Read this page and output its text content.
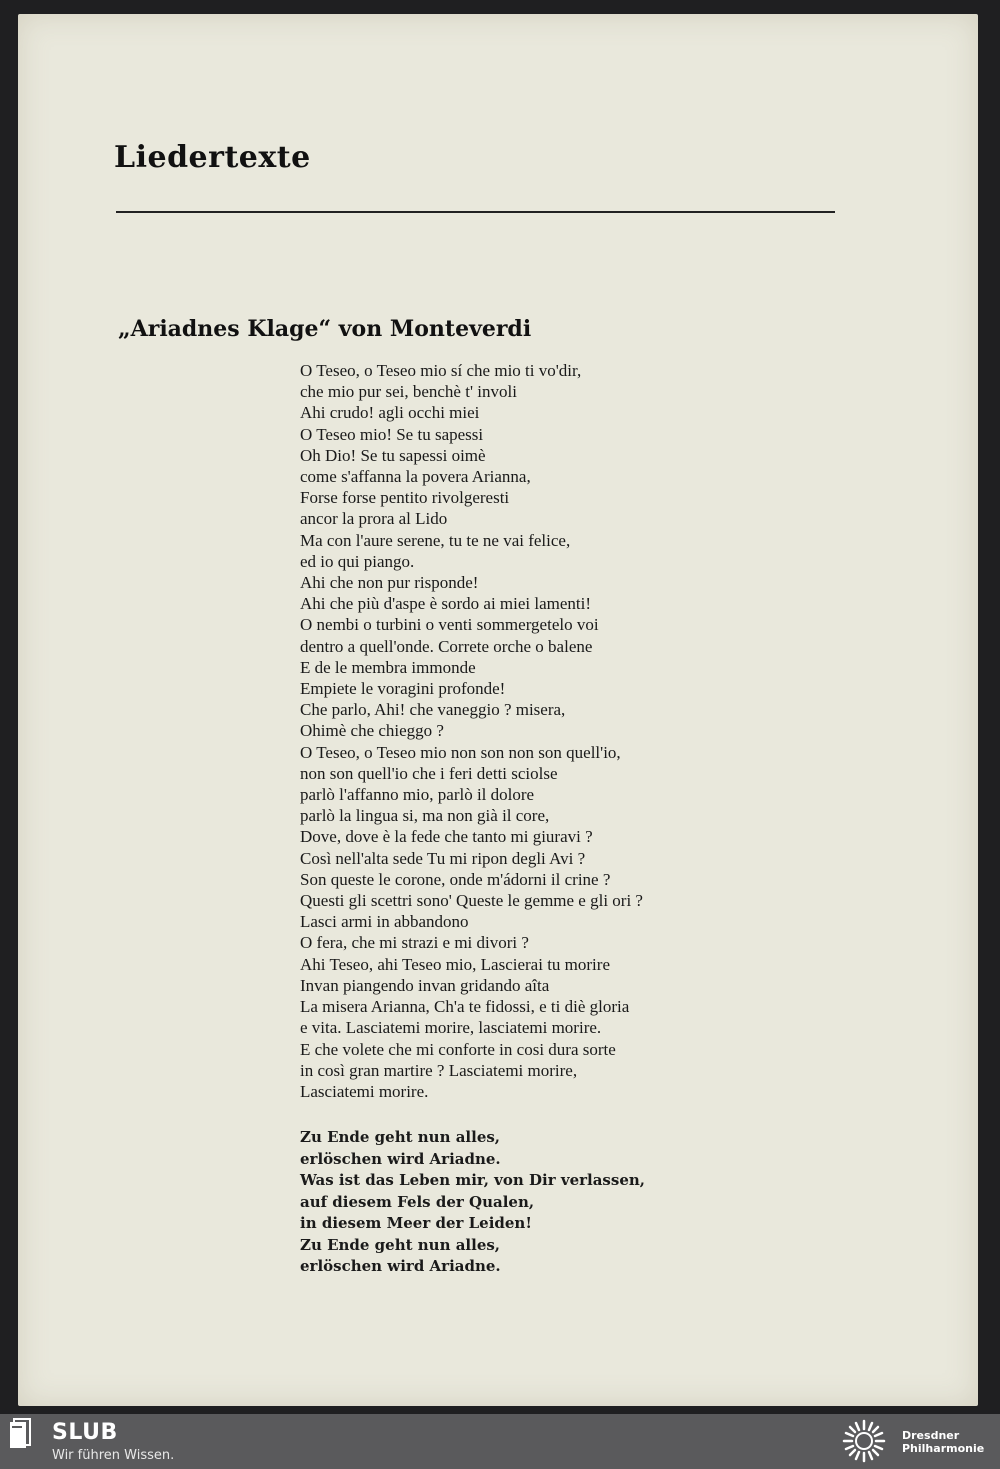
Liedertexte
„Ariadnes Klage“ von Monteverdi
O Teseo, o Teseo mio sí che mio ti vo'dir,
che mio pur sei, benchè t' involi
Ahi crudo! agli occhi miei
O Teseo mio! Se tu sapessi
Oh Dio! Se tu sapessi oimè
come s'affanna la povera Arianna,
Forse forse pentito rivolgeresti
ancor la prora al Lido
Ma con l'aure serene, tu te ne vai felice,
ed io qui piango.
Ahi che non pur risponde!
Ahi che più d'aspe è sordo ai miei lamenti!
O nembi o turbini o venti sommergetelo voi
dentro a quell'onde. Correte orche o balene
E de le membra immonde
Empiete le voragini profonde!
Che parlo, Ahi! che vaneggio ? misera,
Ohimè che chieggo ?
O Teseo, o Teseo mio non son non son quell'io,
non son quell'io che i feri detti sciolse
parlò l'affanno mio, parlò il dolore
parlò la lingua si, ma non già il core,
Dove, dove è la fede che tanto mi giuravi ?
Così nell'alta sede Tu mi ripon degli Avi ?
Son queste le corone, onde m'ádorni il crine ?
Questi gli scettri sono' Queste le gemme e gli ori ?
Lasci armi in abbandono
O fera, che mi strazi e mi divori ?
Ahi Teseo, ahi Teseo mio, Lascierai tu morire
Invan piangendo invan gridando aîta
La misera Arianna, Ch'a te fidossi, e ti diè gloria
e vita. Lasciatemi morire, lasciatemi morire.
E che volete che mi conforte in cosi dura sorte
in così gran martire ? Lasciatemi morire,
Lasciatemi morire.
Zu Ende geht nun alles,
erlöschen wird Ariadne.
Was ist das Leben mir, von Dir verlassen,
auf diesem Fels der Qualen,
in diesem Meer der Leiden!
Zu Ende geht nun alles,
erlöschen wird Ariadne.
SLUB
Wir führen Wissen.
Dresdner
Philharmonie
